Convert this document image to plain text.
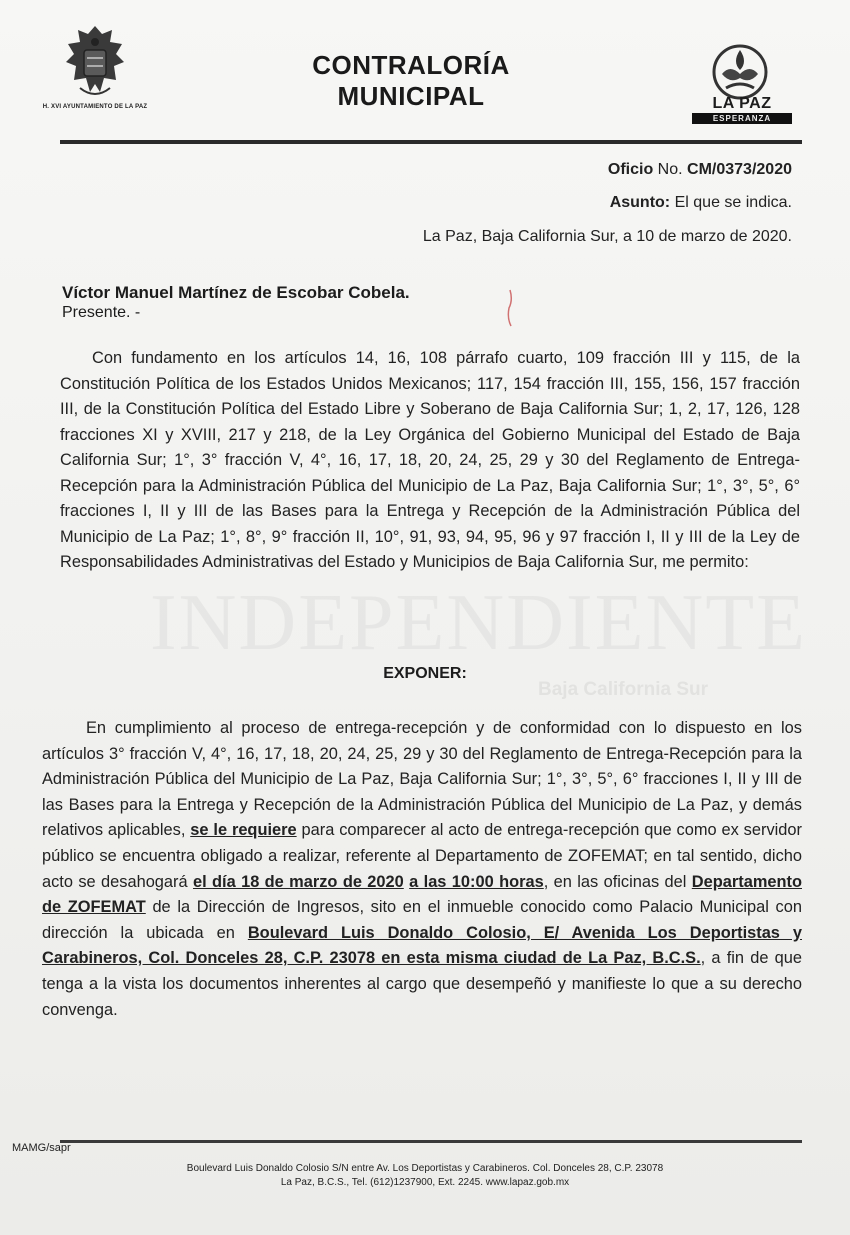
H. XVI AYUNTAMIENTO DE LA PAZ
CONTRALORÍA
MUNICIPAL	LA PAZ
ESPERANZA
Oficio No. CM/0373/2020
Asunto: El que se indica.
La Paz, Baja California Sur, a 10 de marzo de 2020.
Víctor Manuel Martínez de Escobar Cobela.
Presente. -
INDEPENDIENTE
Baja California Sur
Con fundamento en los artículos 14, 16, 108 párrafo cuarto, 109 fracción III y 115, de la Constitución Política de los Estados Unidos Mexicanos; 117, 154 fracción III, 155, 156, 157 fracción III, de la Constitución Política del Estado Libre y Soberano de Baja California Sur; 1, 2, 17, 126, 128 fracciones XI y XVIII, 217 y 218, de la Ley Orgánica del Gobierno Municipal del Estado de Baja California Sur; 1°, 3° fracción V, 4°, 16, 17, 18, 20, 24, 25, 29 y 30 del Reglamento de Entrega-Recepción para la Administración Pública del Municipio de La Paz, Baja California Sur; 1°, 3°, 5°, 6° fracciones I, II y III de las Bases para la Entrega y Recepción de la Administración Pública del Municipio de La Paz; 1°, 8°, 9° fracción II, 10°, 91, 93, 94, 95, 96 y 97 fracción I, II y III de la Ley de Responsabilidades Administrativas del Estado y Municipios de Baja California Sur, me permito:
EXPONER:
En cumplimiento al proceso de entrega-recepción y de conformidad con lo dispuesto en los artículos 3° fracción V, 4°, 16, 17, 18, 20, 24, 25, 29 y 30 del Reglamento de Entrega-Recepción para la Administración Pública del Municipio de La Paz, Baja California Sur; 1°, 3°, 5°, 6° fracciones I, II y III de las Bases para la Entrega y Recepción de la Administración Pública del Municipio de La Paz, y demás relativos aplicables, se le requiere para comparecer al acto de entrega-recepción que como ex servidor público se encuentra obligado a realizar, referente al Departamento de ZOFEMAT; en tal sentido, dicho acto se desahogará el día 18 de marzo de 2020 a las 10:00 horas, en las oficinas del Departamento de ZOFEMAT de la Dirección de Ingresos, sito en el inmueble conocido como Palacio Municipal con dirección la ubicada en Boulevard Luis Donaldo Colosio, E/ Avenida Los Deportistas y Carabineros, Col. Donceles 28, C.P. 23078 en esta misma ciudad de La Paz, B.C.S., a fin de que tenga a la vista los documentos inherentes al cargo que desempeñó y manifieste lo que a su derecho convenga.
MAMG/sapr
Boulevard Luis Donaldo Colosio S/N entre Av. Los Deportistas y Carabineros. Col. Donceles 28, C.P. 23078
La Paz, B.C.S., Tel. (612)1237900, Ext. 2245. www.lapaz.gob.mx
